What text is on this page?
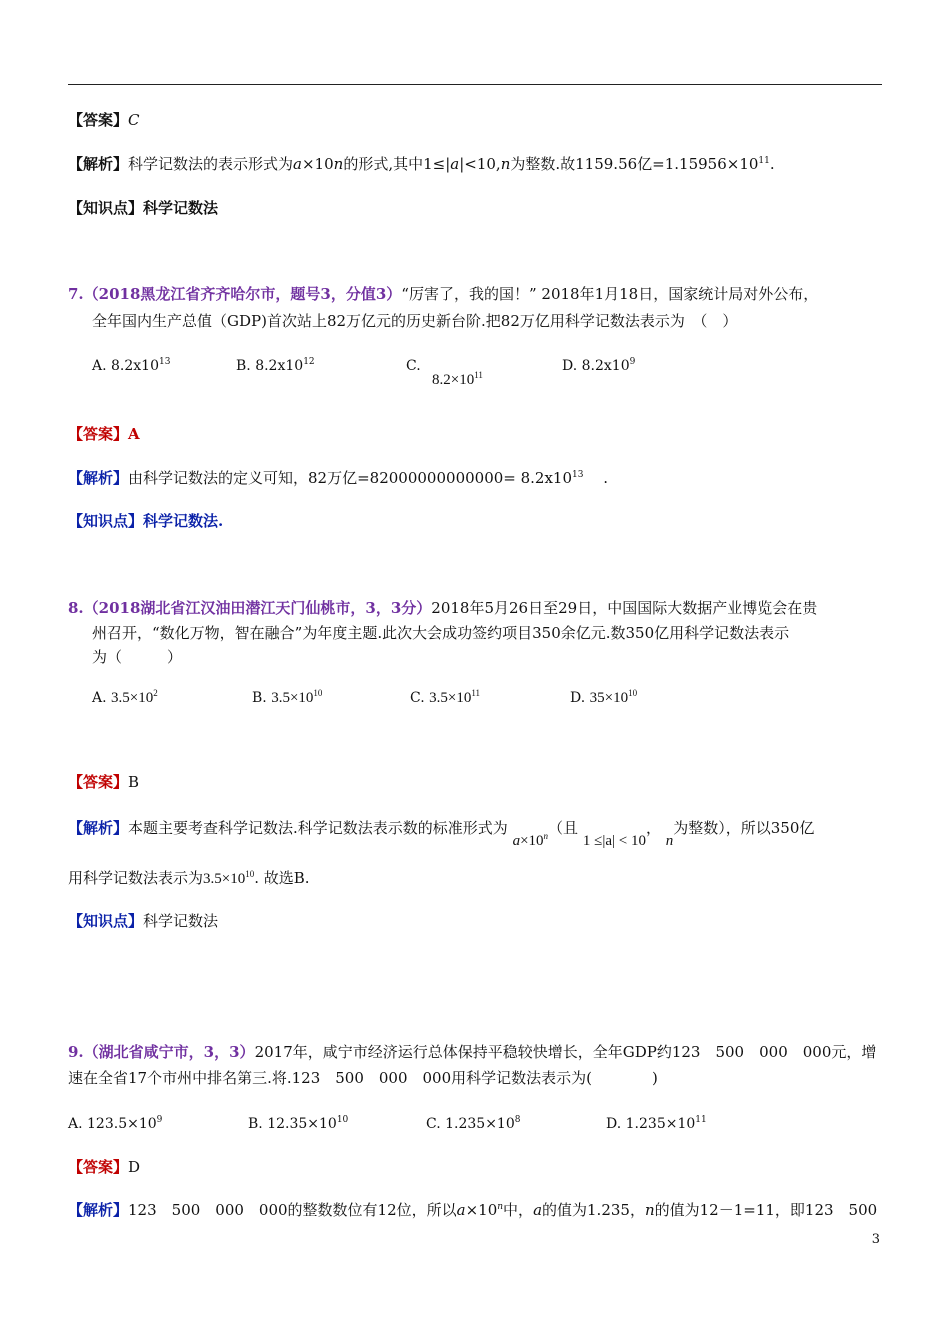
【答案】C
【解析】科学记数法的表示形式为a×10n的形式,其中1≤|a|<10,n为整数.故1159.56亿$=1.15956\times 10^{11}$.
【知识点】科学记数法
7.（2018黑龙江省齐齐哈尔市，题号3，分值3）“厉害了，我的国！” 2018年1月18日，国家统计局对外公布，
全年国内生产总值（GDP)首次站上82万亿元的历史新台阶.把82万亿用科学记数法表示为　（　）
A. $8.2x10^{13}$	B. $8.2x10^{12}$	C.
$8.2\times 10^{11}$
D. $8.2x10^9$
【答案】A
【解析】由科学记数法的定义可知，82万亿$=82000000000000= 8.2x10^{13}$　 .
【知识点】科学记数法.
8.（2018湖北省江汉油田潜江天门仙桃市，3，3分）2018年5月26日至29日，中国国际大数据产业博览会在贵
州召开，“数化万物，智在融合”为年度主题.此次大会成功签约项目350余亿元.数350亿用科学记数法表示
为（　　　）
A. $3.5\times 10^2$	B. $3.5\times 10^{10}$	C. $3.5\times 10^{11}$	D. $35\times 10^{10}$
【答案】B
【解析】本题主要考查科学记数法.科学记数法表示数的标准形式为 $a\times 10^n$（且 1 ≤|a| < 10， n为整数），所以350亿
用科学记数法表示为$3.5\times 10^{10}$. 故选B.
【知识点】科学记数法
9.（湖北省咸宁市，3，3）2017年，咸宁市经济运行总体保持平稳较快增长，全年GDP约123　500　000　000元，增
速在全省17个市州中排名第三.将.123　500　000　000用科学记数法表示为(　　　　)
A. $123.5\times 10^9$	B. $12.35\times 10^{10}$	C. $1.235\times 10^8$	D. $1.235\times 10^{11}$
【答案】D
【解析】123　500　000　000的整数数位有12位，所以$a\times 10^n$中，a的值为1.235，n的值为12－1=11，即123　500
3
